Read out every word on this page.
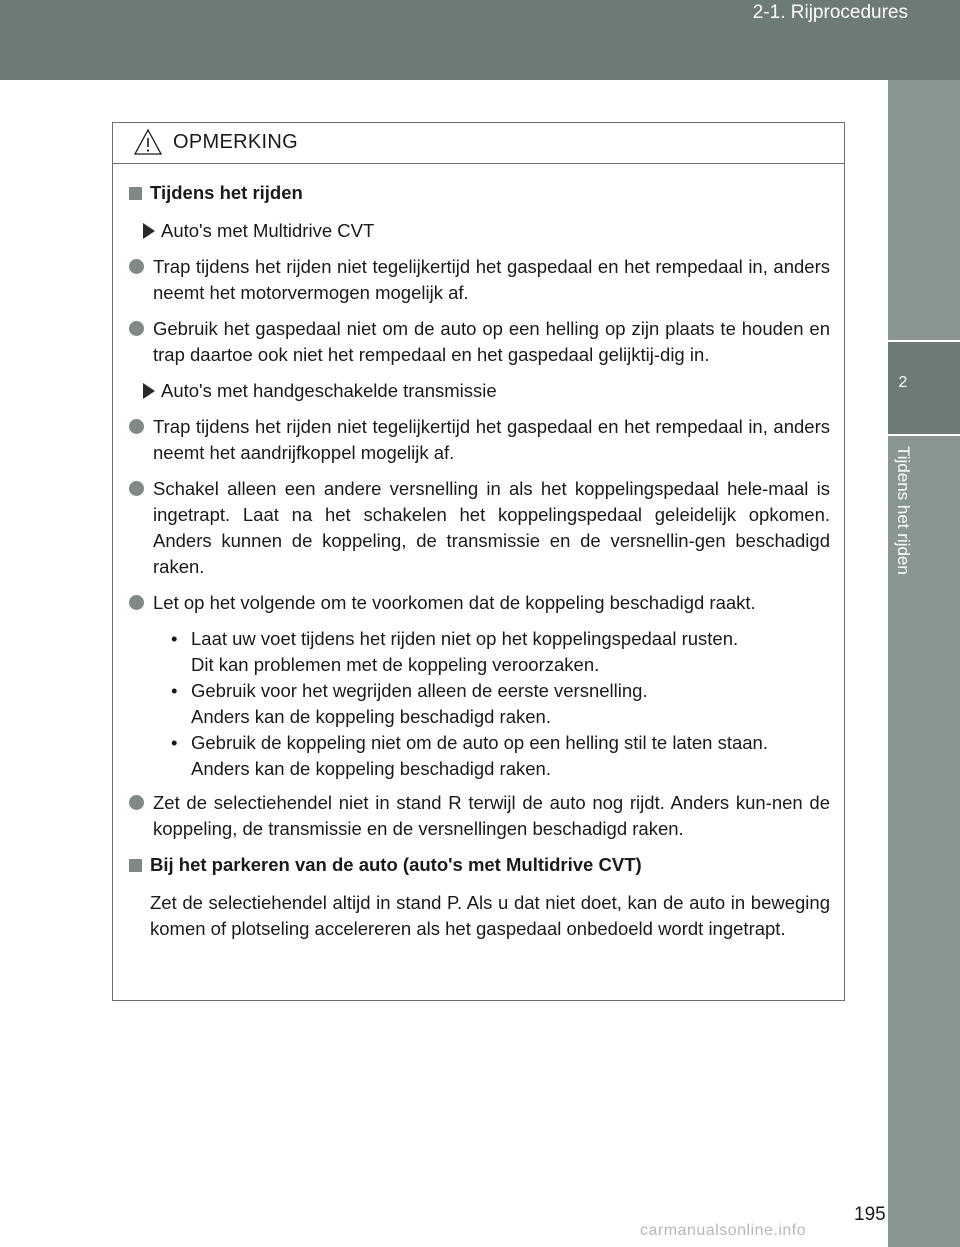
2-1. Rijprocedures
2
Tijdens het rijden
OPMERKING
Tijdens het rijden
Auto's met Multidrive CVT
Trap tijdens het rijden niet tegelijkertijd het gaspedaal en het rempedaal in, anders neemt het motorvermogen mogelijk af.
Gebruik het gaspedaal niet om de auto op een helling op zijn plaats te houden en trap daartoe ook niet het rempedaal en het gaspedaal gelijktij-dig in.
Auto's met handgeschakelde transmissie
Trap tijdens het rijden niet tegelijkertijd het gaspedaal en het rempedaal in, anders neemt het aandrijfkoppel mogelijk af.
Schakel alleen een andere versnelling in als het koppelingspedaal hele-maal is ingetrapt. Laat na het schakelen het koppelingspedaal geleidelijk opkomen. Anders kunnen de koppeling, de transmissie en de versnellin-gen beschadigd raken.
Let op het volgende om te voorkomen dat de koppeling beschadigd raakt.
• Laat uw voet tijdens het rijden niet op het koppelingspedaal rusten.
Dit kan problemen met de koppeling veroorzaken.
• Gebruik voor het wegrijden alleen de eerste versnelling.
Anders kan de koppeling beschadigd raken.
• Gebruik de koppeling niet om de auto op een helling stil te laten staan.
Anders kan de koppeling beschadigd raken.
Zet de selectiehendel niet in stand R terwijl de auto nog rijdt. Anders kun-nen de koppeling, de transmissie en de versnellingen beschadigd raken.
Bij het parkeren van de auto (auto's met Multidrive CVT)
Zet de selectiehendel altijd in stand P. Als u dat niet doet, kan de auto in beweging komen of plotseling accelereren als het gaspedaal onbedoeld wordt ingetrapt.
195
carmanualsonline.info
